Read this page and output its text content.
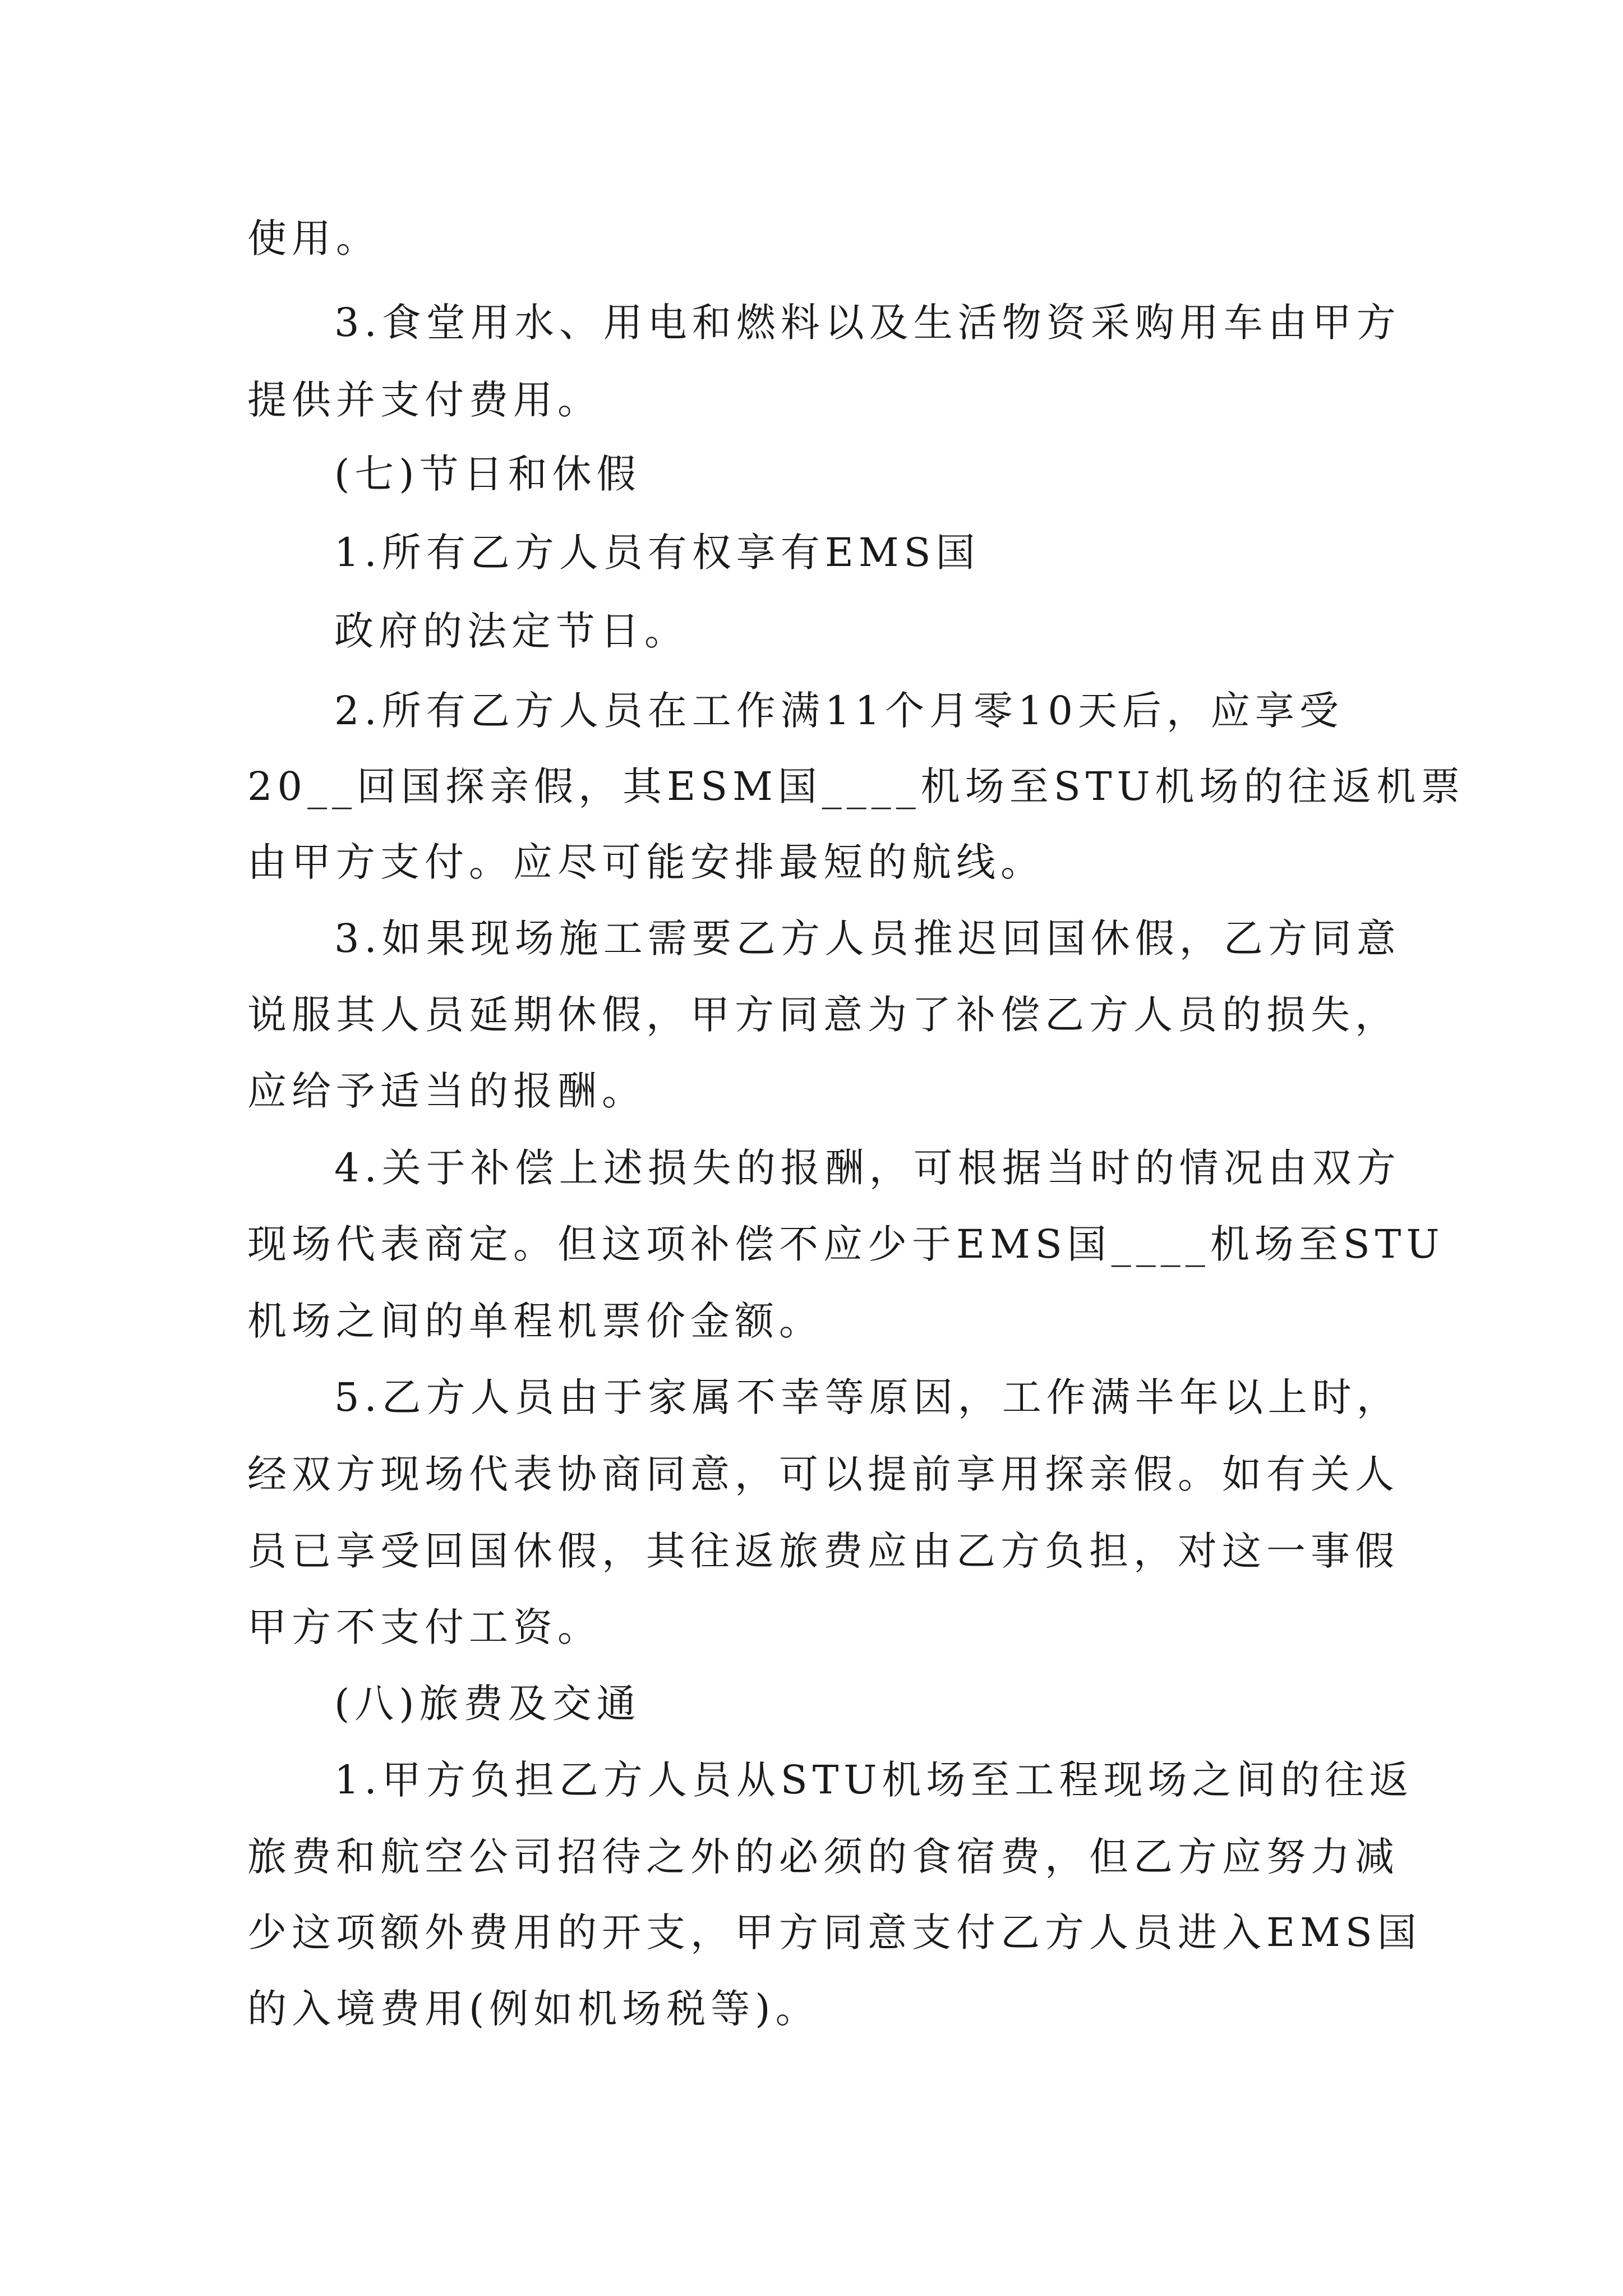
使用。
3.食堂用水、用电和燃料以及生活物资采购用车由甲方
提供并支付费用。
(七)节日和休假
1.所有乙方人员有权享有EMS国
政府的法定节日。
2.所有乙方人员在工作满11个月零10天后，应享受
20__回国探亲假，其ESM国____机场至STU机场的往返机票
由甲方支付。应尽可能安排最短的航线。
3.如果现场施工需要乙方人员推迟回国休假，乙方同意
说服其人员延期休假，甲方同意为了补偿乙方人员的损失，
应给予适当的报酬。
4.关于补偿上述损失的报酬，可根据当时的情况由双方
现场代表商定。但这项补偿不应少于EMS国____机场至STU
机场之间的单程机票价金额。
5.乙方人员由于家属不幸等原因，工作满半年以上时，
经双方现场代表协商同意，可以提前享用探亲假。如有关人
员已享受回国休假，其往返旅费应由乙方负担，对这一事假
甲方不支付工资。
(八)旅费及交通
1.甲方负担乙方人员从STU机场至工程现场之间的往返
旅费和航空公司招待之外的必须的食宿费，但乙方应努力减
少这项额外费用的开支，甲方同意支付乙方人员进入EMS国
的入境费用(例如机场税等)。
